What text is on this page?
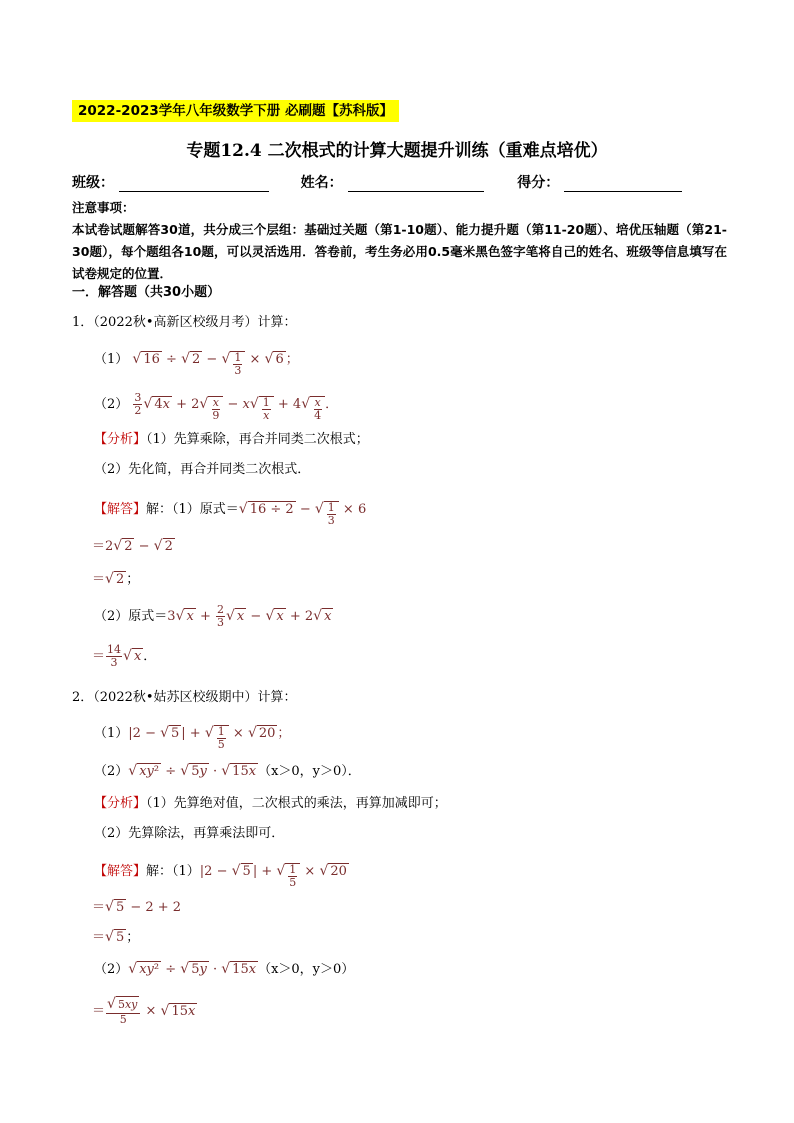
2022-2023学年八年级数学下册 必刷题【苏科版】
专题12.4 二次根式的计算大题提升训练（重难点培优）
班级：	姓名：	得分：
注意事项：
本试卷试题解答30道，共分成三个层组：基础过关题（第1-10题）、能力提升题（第11-20题）、培优压轴题（第21-30题），每个题组各10题，可以灵活选用．答卷前，考生务必用0.5毫米黑色签字笔将自己的姓名、班级等信息填写在试卷规定的位置．
一．解答题（共30小题）
1．（2022秋•高新区校级月考）计算：
（1） √ 16 ÷ √ 2 − √ $\frac{1}{3}$ × √ 6 ；
$(2) \frac{3}{2}$ √ 4x + 2 √ $\frac{x}{9} - x$ √ $\frac{1}{x} + 4$ √ $\frac{x}{4}$ ．
【分析】（1）先算乘除，再合并同类二次根式；
（2）先化简，再合并同类二次根式．
【解答】解：（1）原式＝ √ 16 ÷ 2 − √ $\frac{1}{3} \times 6$
＝2 √ 2 − √ 2
＝ √ 2 ；
（2）原式＝3 √ $x + \frac{2}{3}$ √ x − √ x + 2 √ x
＝ $\frac{14}{3}$ √ x ．
2．（2022秋•姑苏区校级期中）计算：
（1）|2 − √ 5 | + √ $\frac{1}{5}$ × √ 20 ；
（2） √ xy² ÷ √ 5y · √ 15x （x＞0，y＞0）．
【分析】（1）先算绝对值，二次根式的乘法，再算加减即可；
（2）先算除法，再算乘法即可．
【解答】解：（1）|2 − √ 5 | + √ $\frac{1}{5}$ × √ 20
＝ √ 5 − 2 + 2
＝ √ 5 ；
（2） √ xy² ÷ √ 5y · √ 15x （x＞0，y＞0）
＝ $\frac{√ 5xy}{5}$ × √ 15x
